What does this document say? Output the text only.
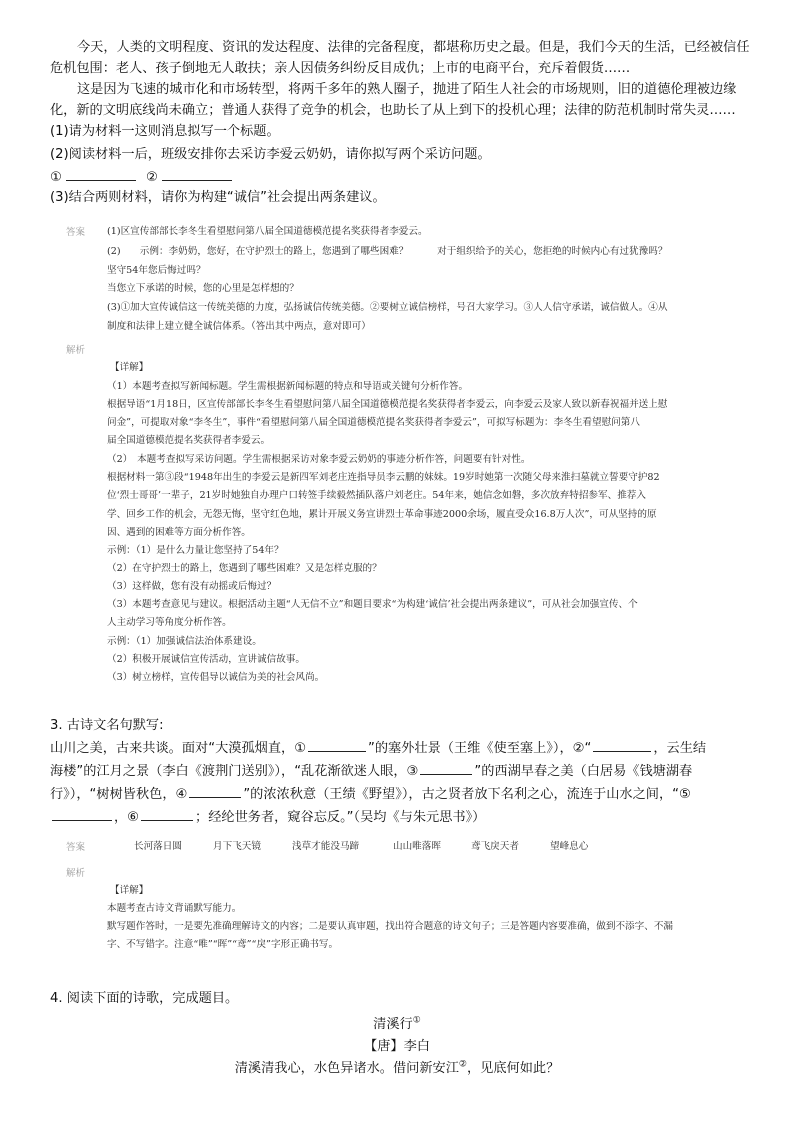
今天，人类的文明程度、资讯的发达程度、法律的完备程度，都堪称历史之最。但是，我们今天的生活，已经被信任危机包围：老人、孩子倒地无人敢扶；亲人因债务纠纷反目成仇；上市的电商平台，充斥着假货……
这是因为飞速的城市化和市场转型，将两千多年的熟人圈子，抛进了陌生人社会的市场规则，旧的道德伦理被边缘化，新的文明底线尚未确立；普通人获得了竞争的机会，也助长了从上到下的投机心理；法律的防范机制时常失灵……
(1)请为材料一这则消息拟写一个标题。
(2)阅读材料一后，班级安排你去采访李爱云奶奶，请你拟写两个采访问题。
①	②
(3)结合两则材料，请你为构建“诚信”社会提出两条建议。
答案 (1)区宣传部部长李冬生看望慰问第八届全国道德模范提名奖获得者李爱云。
(2)　　示例：李奶奶，您好，在守护烈士的路上，您遇到了哪些困难？　　　对于组织给予的关心，您拒绝的时候内心有过犹豫吗？
坚守54年您后悔过吗？
当您立下承诺的时候，您的心里是怎样想的？
(3)①加大宣传诚信这一传统美德的力度，弘扬诚信传统美德。②要树立诚信榜样，号召大家学习。③人人信守承诺，诚信做人。④从
制度和法律上建立健全诚信体系。（答出其中两点，意对即可）
解析
【详解】
（1）本题考查拟写新闻标题。学生需根据新闻标题的特点和导语或关键句分析作答。
根据导语“1月18日，区宣传部部长李冬生看望慰问第八届全国道德模范提名奖获得者李爱云，向李爱云及家人致以新春祝福并送上慰
问金”，可提取对象“李冬生”，事件“看望慰问第八届全国道德模范提名奖获得者李爱云”，可拟写标题为：李冬生看望慰问第八
届全国道德模范提名奖获得者李爱云。
（2）　本题考查拟写采访问题。学生需根据采访对象李爱云奶奶的事迹分析作答，问题要有针对性。
根据材料一第③段“1948年出生的李爱云是新四军刘老庄连指导员李云鹏的妹妹。19岁时她第一次随父母来淮扫墓就立誓要守护82
位‘烈士哥哥’一辈子，21岁时她独自办理户口转签手续毅然插队落户刘老庄。54年来，她信念如磐，多次放弃特招参军、推荐入
学、回乡工作的机会，无怨无悔，坚守红色地，累计开展义务宣讲烈士革命事迹2000余场，履直受众16.8万人次”，可从坚持的原
因、遇到的困难等方面分析作答。
示例：（1）是什么力量让您坚持了54年？
（2）在守护烈士的路上，您遇到了哪些困难？又是怎样克服的？
（3）这样做，您有没有动摇或后悔过？
（3）本题考查意见与建议。根据活动主题“人无信不立”和题目要求“为构建‘诚信’社会提出两条建议”，可从社会加强宣传、个
人主动学习等角度分析作答。
示例：（1）加强诚信法治体系建设。
（2）积极开展诚信宣传活动，宣讲诚信故事。
（3）树立榜样，宣传倡导以诚信为美的社会风尚。
3. 古诗文名句默写:
山川之美，古来共谈。面对“大漠孤烟直，①	”的塞外壮景（王维《使至塞上》），②“	，云生结
海楼”的江月之景（李白《渡荆门送别》），“乱花渐欲迷人眼，③	”的西湖早春之美（白居易《钱塘湖春
行》），“树树皆秋色，④	”的浓浓秋意（王绩《野望》），古之贤者放下名利之心，流连于山水之间，“⑤
，⑥	；经纶世务者，窥谷忘反。”（吴均《与朱元思书》）
答案	长河落日圆	月下飞天镜	浅草才能没马蹄	山山唯落晖	鸢飞戾天者	望峰息心
解析
【详解】
本题考查古诗文背诵默写能力。
默写题作答时，一是要先准确理解诗文的内容；二是要认真审题，找出符合题意的诗文句子；三是答题内容要准确，做到不添字、不漏
字、不写错字。注意“唯”“晖”“鸢”“戾”字形正确书写。
4. 阅读下面的诗歌，完成题目。
清溪行①
【唐】李白
清溪清我心，水色异诸水。借问新安江②，见底何如此？
